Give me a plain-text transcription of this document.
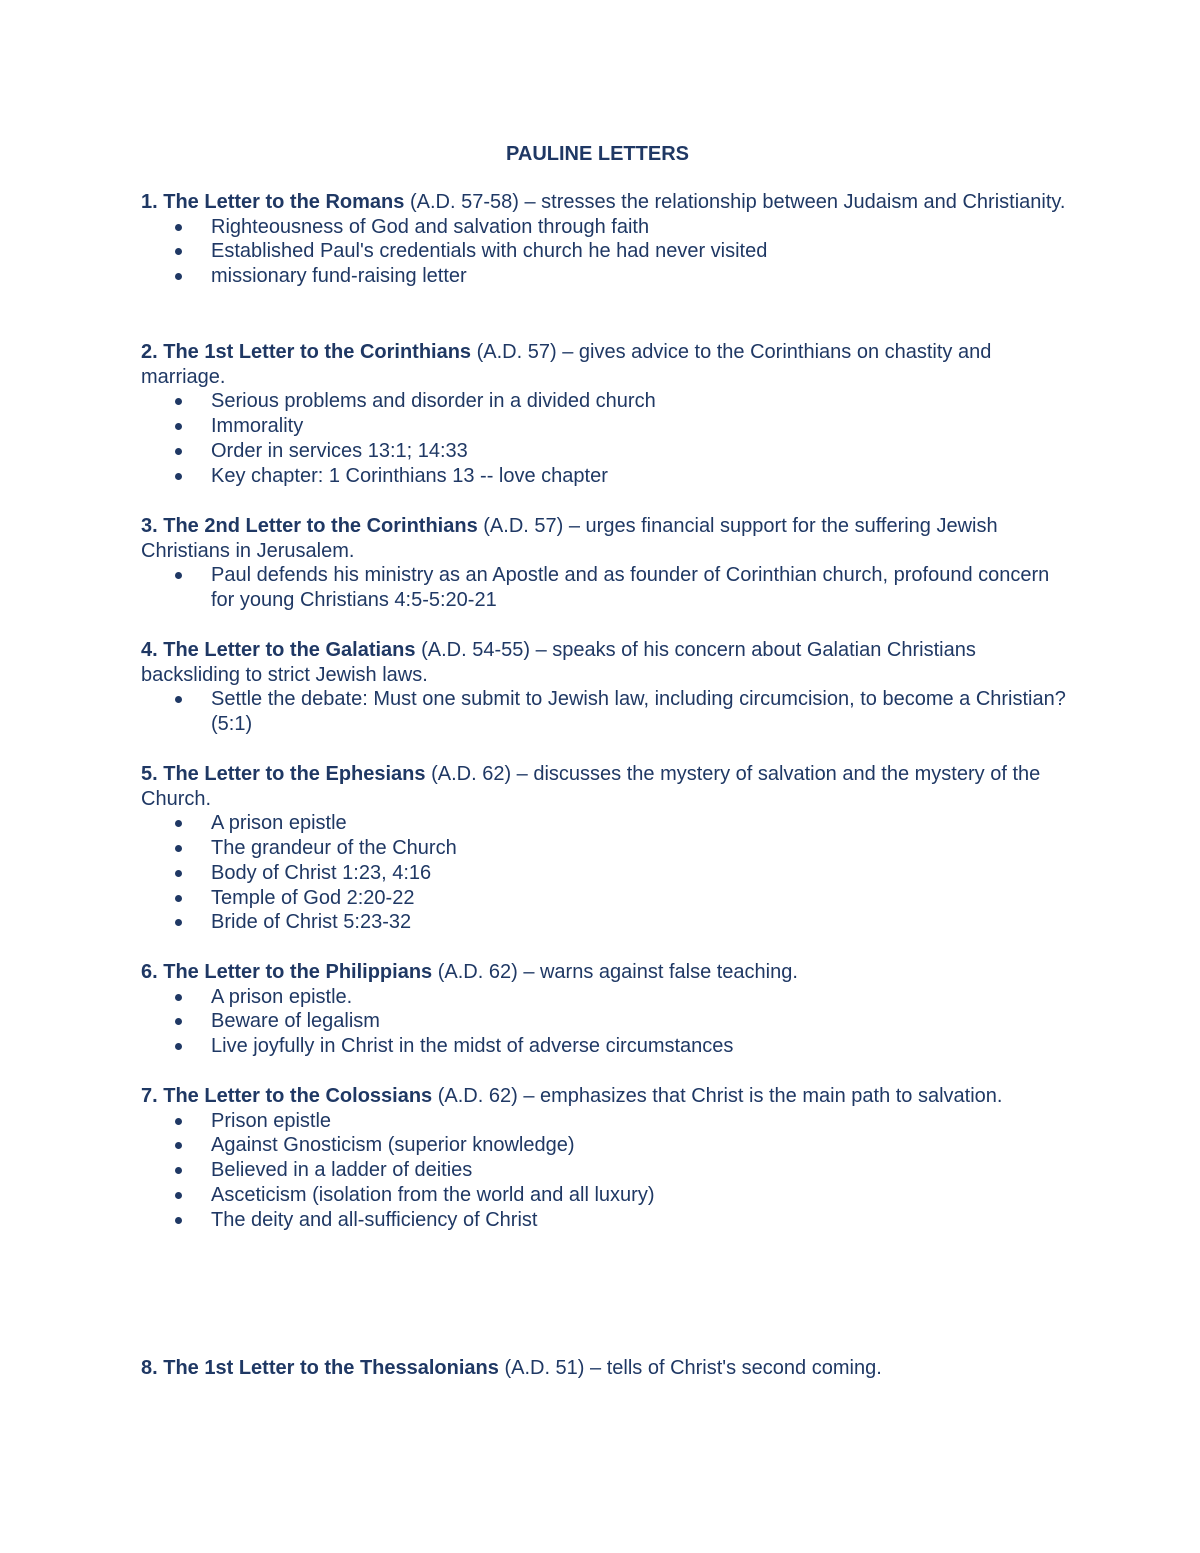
PAULINE LETTERS

1. The Letter to the Romans (A.D. 57-58) – stresses the relationship between Judaism and Christianity.

Righteousness of God and salvation through faith
Established Paul's credentials with church he had never visited
missionary fund-raising letter

2. The 1st Letter to the Corinthians (A.D. 57) – gives advice to the Corinthians on chastity and marriage.

Serious problems and disorder in a divided church
Immorality
Order in services 13:1; 14:33
Key chapter: 1 Corinthians 13 -- love chapter

3. The 2nd Letter to the Corinthians (A.D. 57) – urges financial support for the suffering Jewish Christians in Jerusalem.

Paul defends his ministry as an Apostle and as founder of Corinthian church, profound concern for young Christians 4:5-5:20-21

4. The Letter to the Galatians (A.D. 54-55) – speaks of his concern about Galatian Christians backsliding to strict Jewish laws.

Settle the debate: Must one submit to Jewish law, including circumcision, to become a Christian? (5:1)

5. The Letter to the Ephesians (A.D. 62) – discusses the mystery of salvation and the mystery of the Church.

A prison epistle
The grandeur of the Church
Body of Christ 1:23, 4:16
Temple of God 2:20-22
Bride of Christ 5:23-32

6. The Letter to the Philippians (A.D. 62) – warns against false teaching.

A prison epistle.
Beware of legalism
Live joyfully in Christ in the midst of adverse circumstances

7. The Letter to the Colossians (A.D. 62) – emphasizes that Christ is the main path to salvation.

Prison epistle
Against Gnosticism (superior knowledge)
Believed in a ladder of deities
Asceticism (isolation from the world and all luxury)
The deity and all-sufficiency of Christ

8. The 1st Letter to the Thessalonians (A.D. 51) – tells of Christ's second coming.
